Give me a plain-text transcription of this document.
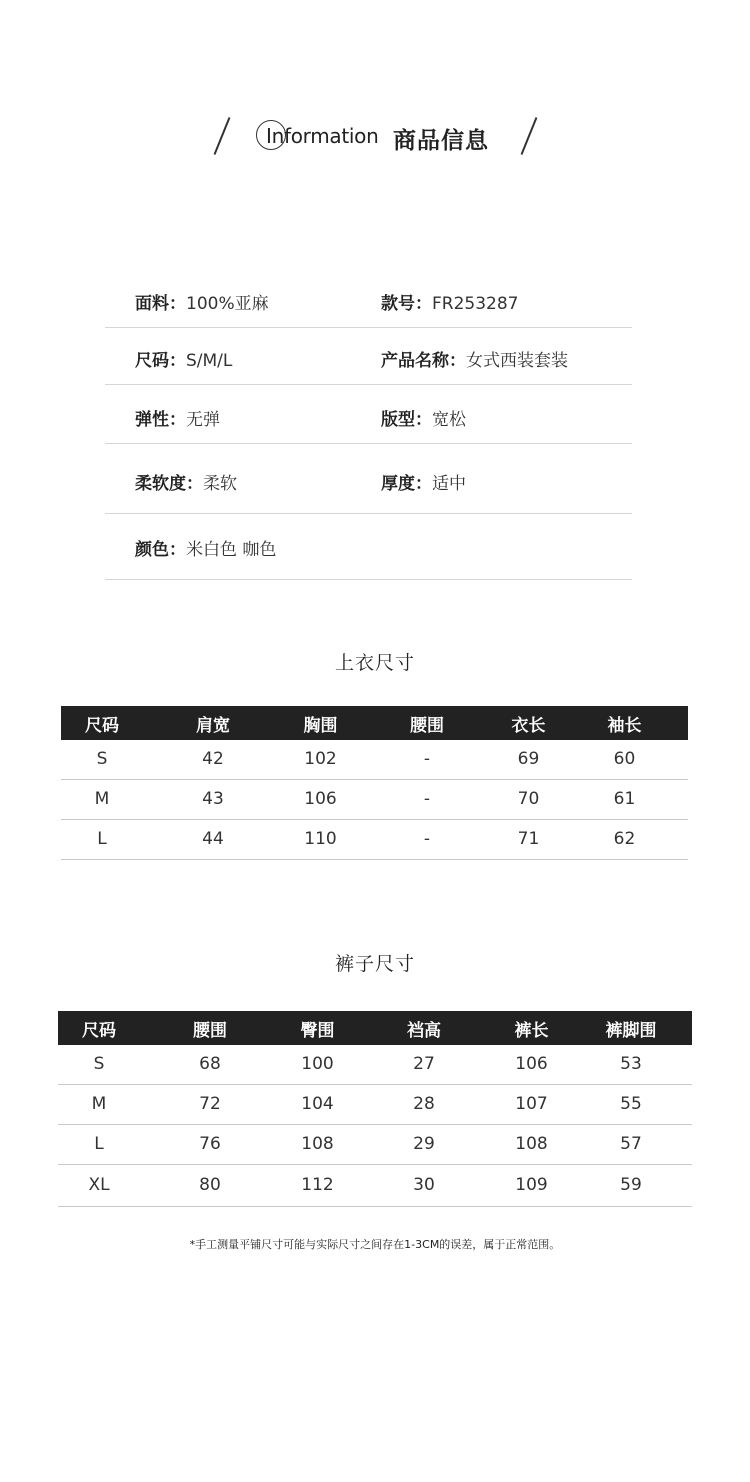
Information 商品信息
面料：100%亚麻	款号：FR253287
尺码：S/M/L	产品名称：女式西装套装
弹性：无弹	版型：宽松
柔软度：柔软	厚度：适中
颜色：米白色 咖色
上衣尺寸
尺码	肩宽	胸围	腰围	衣长	袖长
S	42	102	-	69	60
M	43	106	-	70	61
L	44	110	-	71	62
裤子尺寸
尺码	腰围	臀围	裆高	裤长	裤脚围
S	68	100	27	106	53
M	72	104	28	107	55
L	76	108	29	108	57
XL	80	112	30	109	59
*手工测量平铺尺寸可能与实际尺寸之间存在1-3CM的误差，属于正常范围。
